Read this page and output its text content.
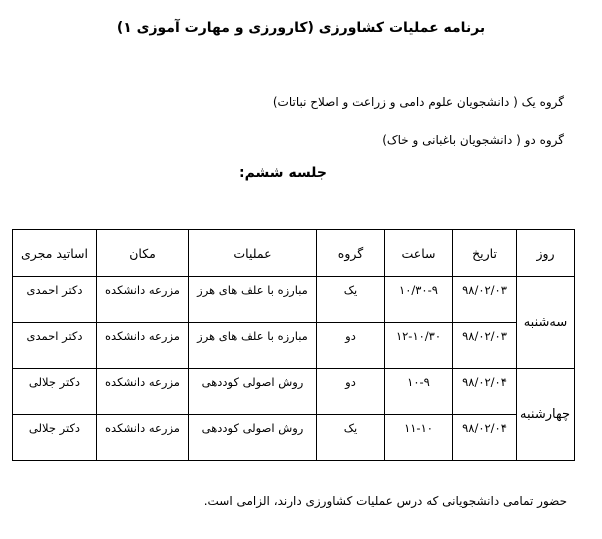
برنامه عملیات کشاورزی (کارورزی و مهارت آموزی ۱)
گروه یک ( دانشجویان علوم دامی و زراعت و اصلاح نباتات)
گروه دو ( دانشجویان باغبانی و خاک)
جلسه ششم:
روز	تاریخ	ساعت	گروه	عملیات	مکان	اساتید مجری
سه‌شنبه	۹۸/۰۲/۰۳	۱۰/۳۰-۹	یک	مبارزه با علف های هرز	مزرعه دانشکده	دکتر احمدی
	۹۸/۰۲/۰۳	۱۲-۱۰/۳۰	دو	مبارزه با علف های هرز	مزرعه دانشکده	دکتر احمدی
چهارشنبه	۹۸/۰۲/۰۴	۱۰-۹	دو	روش اصولی کوددهی	مزرعه دانشکده	دکتر جلالی
	۹۸/۰۲/۰۴	۱۱-۱۰	یک	روش اصولی کوددهی	مزرعه دانشکده	دکتر جلالی
حضور تمامی دانشجویانی که درس عملیات کشاورزی دارند، الزامی است.
